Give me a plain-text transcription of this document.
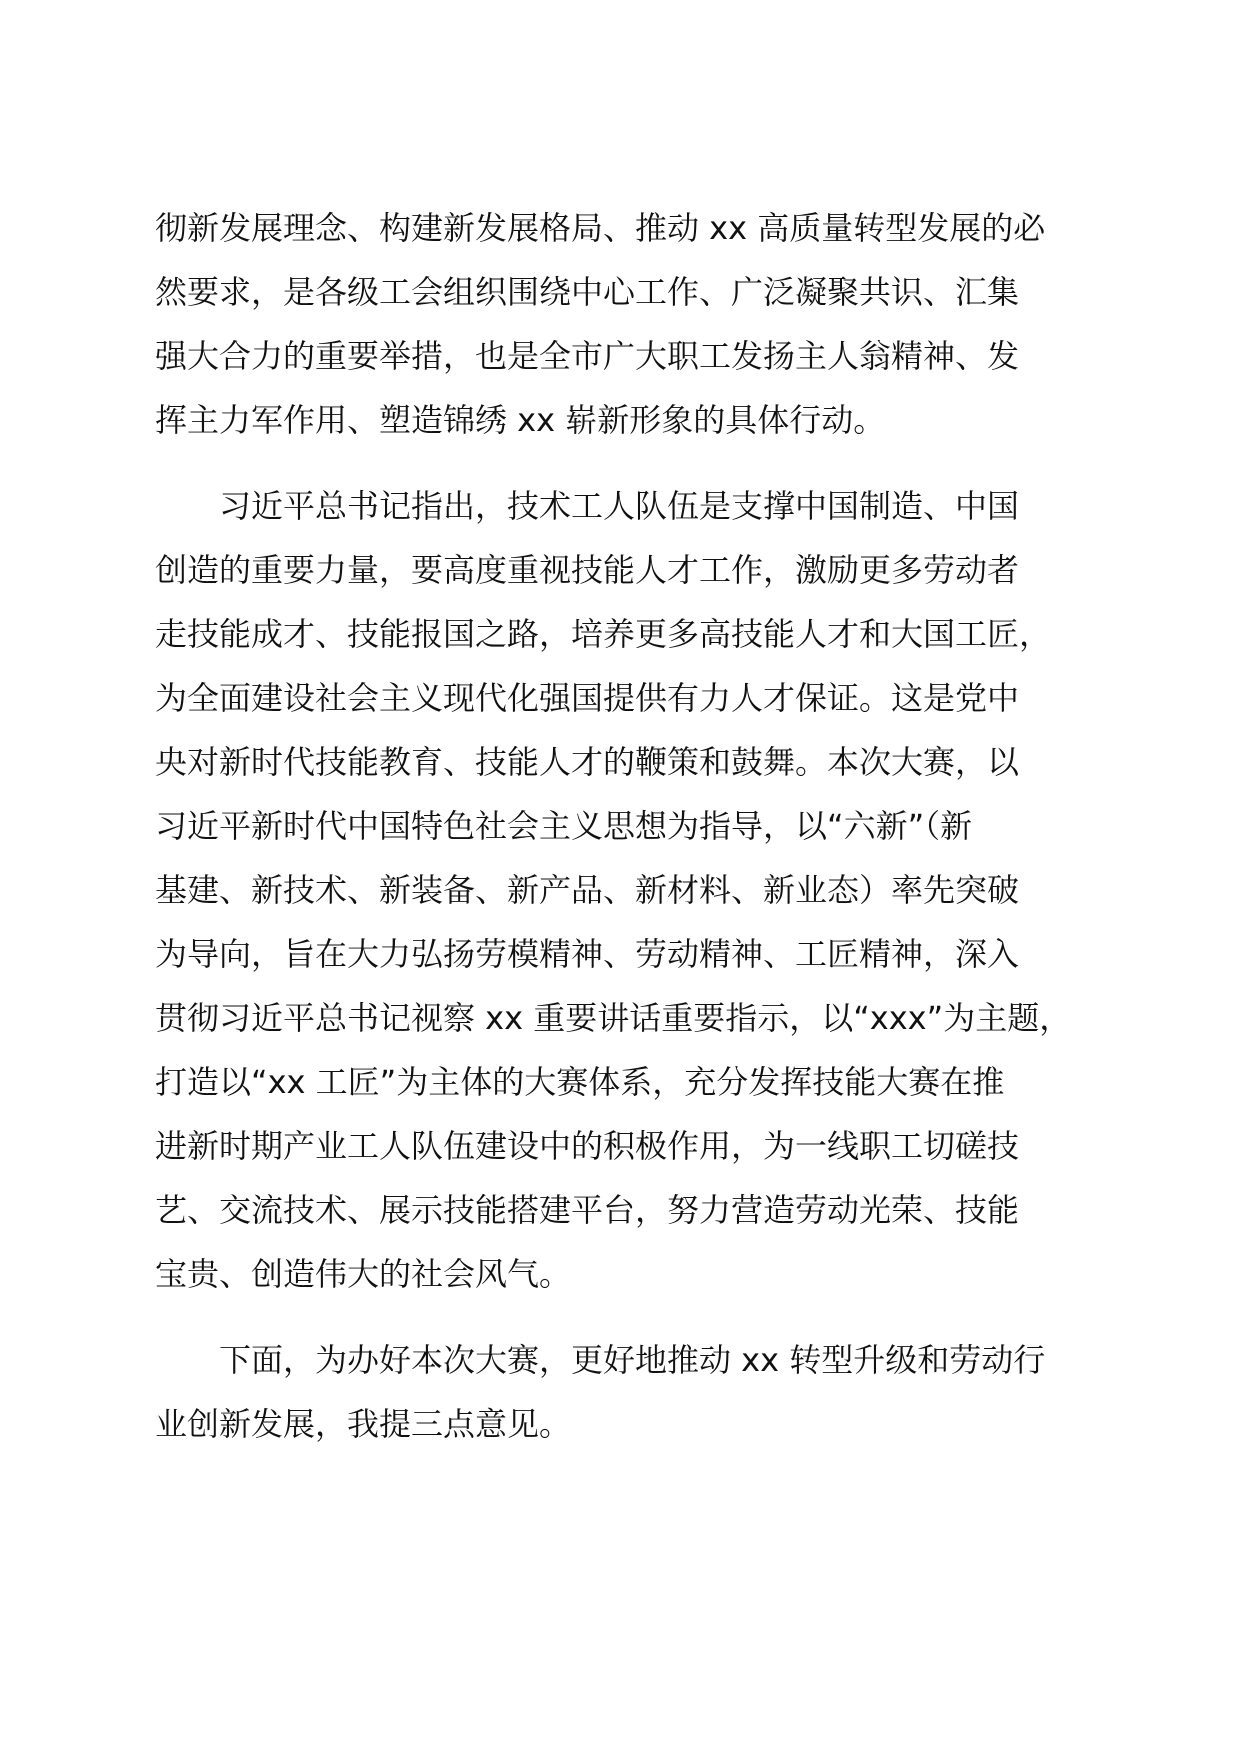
彻新发展理念、构建新发展格局、推动 xx 高质量转型发展的必
然要求，是各级工会组织围绕中心工作、广泛凝聚共识、汇集
强大合力的重要举措，也是全市广大职工发扬主人翁精神、发
挥主力军作用、塑造锦绣 xx 崭新形象的具体行动。

习近平总书记指出，技术工人队伍是支撑中国制造、中国
创造的重要力量，要高度重视技能人才工作，激励更多劳动者
走技能成才、技能报国之路，培养更多高技能人才和大国工匠，
为全面建设社会主义现代化强国提供有力人才保证。这是党中
央对新时代技能教育、技能人才的鞭策和鼓舞。本次大赛，以
习近平新时代中国特色社会主义思想为指导，以“六新”（新
基建、新技术、新装备、新产品、新材料、新业态）率先突破
为导向，旨在大力弘扬劳模精神、劳动精神、工匠精神，深入
贯彻习近平总书记视察 xx 重要讲话重要指示，以“xxx”为主题，
打造以“xx 工匠”为主体的大赛体系，充分发挥技能大赛在推
进新时期产业工人队伍建设中的积极作用，为一线职工切磋技
艺、交流技术、展示技能搭建平台，努力营造劳动光荣、技能
宝贵、创造伟大的社会风气。

下面，为办好本次大赛，更好地推动 xx 转型升级和劳动行
业创新发展，我提三点意见。
